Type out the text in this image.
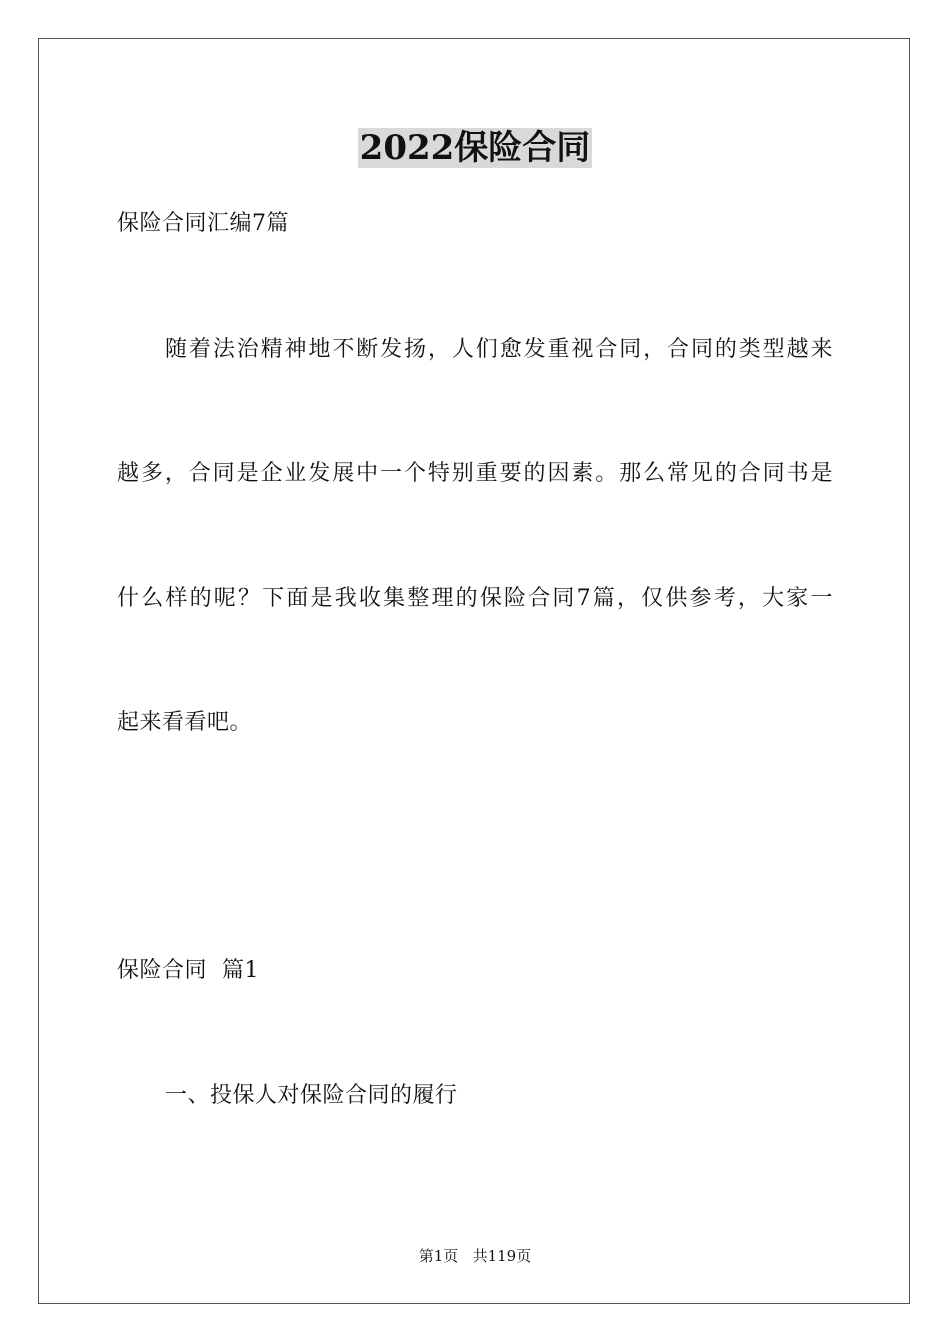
2022保险合同
保险合同汇编7篇
随着法治精神地不断发扬，人们愈发重视合同，合同的类型越来
越多，合同是企业发展中一个特别重要的因素。那么常见的合同书是
什么样的呢？下面是我收集整理的保险合同7篇，仅供参考，大家一
起来看看吧。
保险合同  篇1
一、投保人对保险合同的履行
第1页   共119页
